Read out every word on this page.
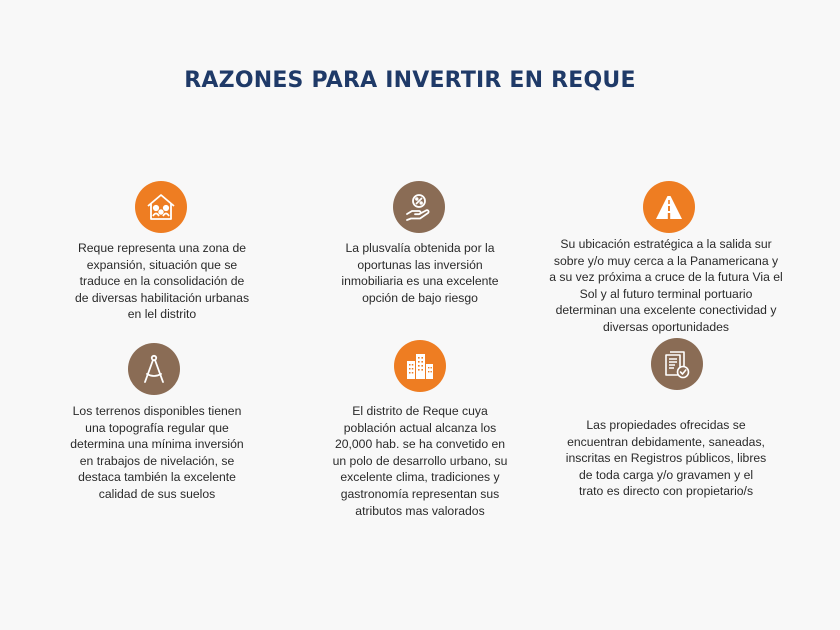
RAZONES PARA INVERTIR EN REQUE
Reque representa una zona de
expansión, situación que se
traduce en la consolidación de
de diversas habilitación urbanas
en lel distrito
La plusvalía obtenida por la
oportunas las inversión
inmobiliaria es una excelente
opción de bajo riesgo
Su ubicación estratégica a la salida sur
sobre y/o muy cerca a la Panamericana y
a su vez próxima a cruce de la futura Via el
Sol y al futuro terminal portuario
determinan una excelente conectividad y
diversas oportunidades
Los terrenos disponibles tienen
una topografía regular que
determina una mínima inversión
en trabajos de nivelación, se
destaca también la excelente
calidad de sus suelos
El distrito de Reque cuya
población actual alcanza los
20,000 hab. se ha convetido en
un polo de desarrollo urbano, su
excelente clima, tradiciones y
gastronomía representan sus
atributos mas valorados
Las propiedades ofrecidas se
encuentran debidamente, saneadas,
inscritas en Registros públicos, libres
de toda carga y/o gravamen y el
trato es directo con propietario/s
